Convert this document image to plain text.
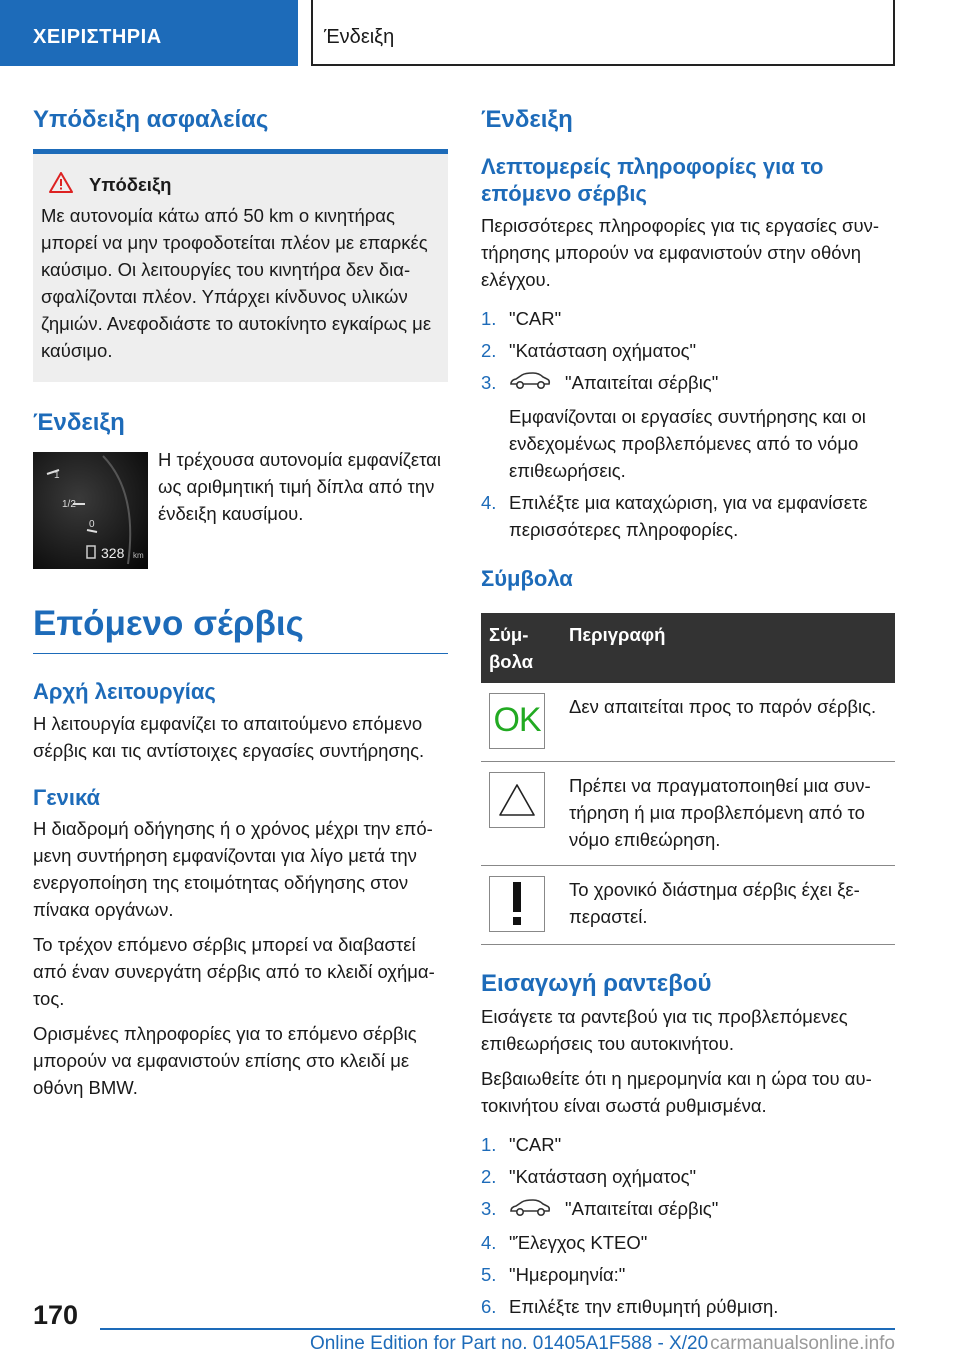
ΧΕΙΡΙΣΤΗΡΙΑ	Ένδειξη
Υπόδειξη ασφαλείας
Υπόδειξη

Με αυτονομία κάτω από 50 km ο κινητήρας μπορεί να μην τροφοδοτείται πλέον με επαρκές καύσιμο. Οι λειτουργίες του κινητήρα δεν διασφαλίζονται πλέον. Υπάρχει κίνδυνος υλικών ζημιών. Ανεφοδιάστε το αυτοκίνητο εγκαίρως με καύσιμο.

Ένδειξη
1
1/2
0
328 km

Η τρέχουσα αυτονομία εμφανίζεται ως αριθμητική τιμή δίπλα από την ένδειξη καυσίμου.

Επόμενο σέρβις
Αρχή λειτουργίας

Η λειτουργία εμφανίζει το απαιτούμενο επόμενο σέρβις και τις αντίστοιχες εργασίες συντήρησης.

Γενικά

Η διαδρομή οδήγησης ή ο χρόνος μέχρι την επόμενη συντήρηση εμφανίζονται για λίγο μετά την ενεργοποίηση της ετοιμότητας οδήγησης στον πίνακα οργάνων.

Το τρέχον επόμενο σέρβις μπορεί να διαβαστεί από έναν συνεργάτη σέρβις από το κλειδί οχήματος.

Ορισμένες πληροφορίες για το επόμενο σέρβις μπορούν να εμφανιστούν επίσης στο κλειδί με οθόνη BMW.

Ένδειξη
Λεπτομερείς πληροφορίες για το επόμενο σέρβις

Περισσότερες πληροφορίες για τις εργασίες συντήρησης μπορούν να εμφανιστούν στην οθόνη ελέγχου.

1. "CAR"
2. "Κατάσταση οχήματος"
3.	"Απαιτείται σέρβις"
Εμφανίζονται οι εργασίες συντήρησης και οι ενδεχομένως προβλεπόμενες από το νόμο επιθεωρήσεις.
4. Επιλέξτε μια καταχώριση, για να εμφανίσετε περισσότερες πληροφορίες.
Σύμβολα
Σύμβολα	Περιγραφή

OK	Δεν απαιτείται προς το παρόν σέρβις.

	Πρέπει να πραγματοποιηθεί μια συντήρηση ή μια προβλεπόμενη από το νόμο επιθεώρηση.

	Το χρονικό διάστημα σέρβις έχει ξεπεραστεί.
Εισαγωγή ραντεβού

Εισάγετε τα ραντεβού για τις προβλεπόμενες επιθεωρήσεις του αυτοκινήτου.

Βεβαιωθείτε ότι η ημερομηνία και η ώρα του αυτοκινήτου είναι σωστά ρυθμισμένα.

1. "CAR"
2. "Κατάσταση οχήματος"
3.	"Απαιτείται σέρβις"
4. "Έλεγχος ΚΤΕΟ"
5. "Ημερομηνία:"
6. Επιλέξτε την επιθυμητή ρύθμιση.
170
Online Edition for Part no. 01405A1F588 - X/20 carmanualsonline.info
